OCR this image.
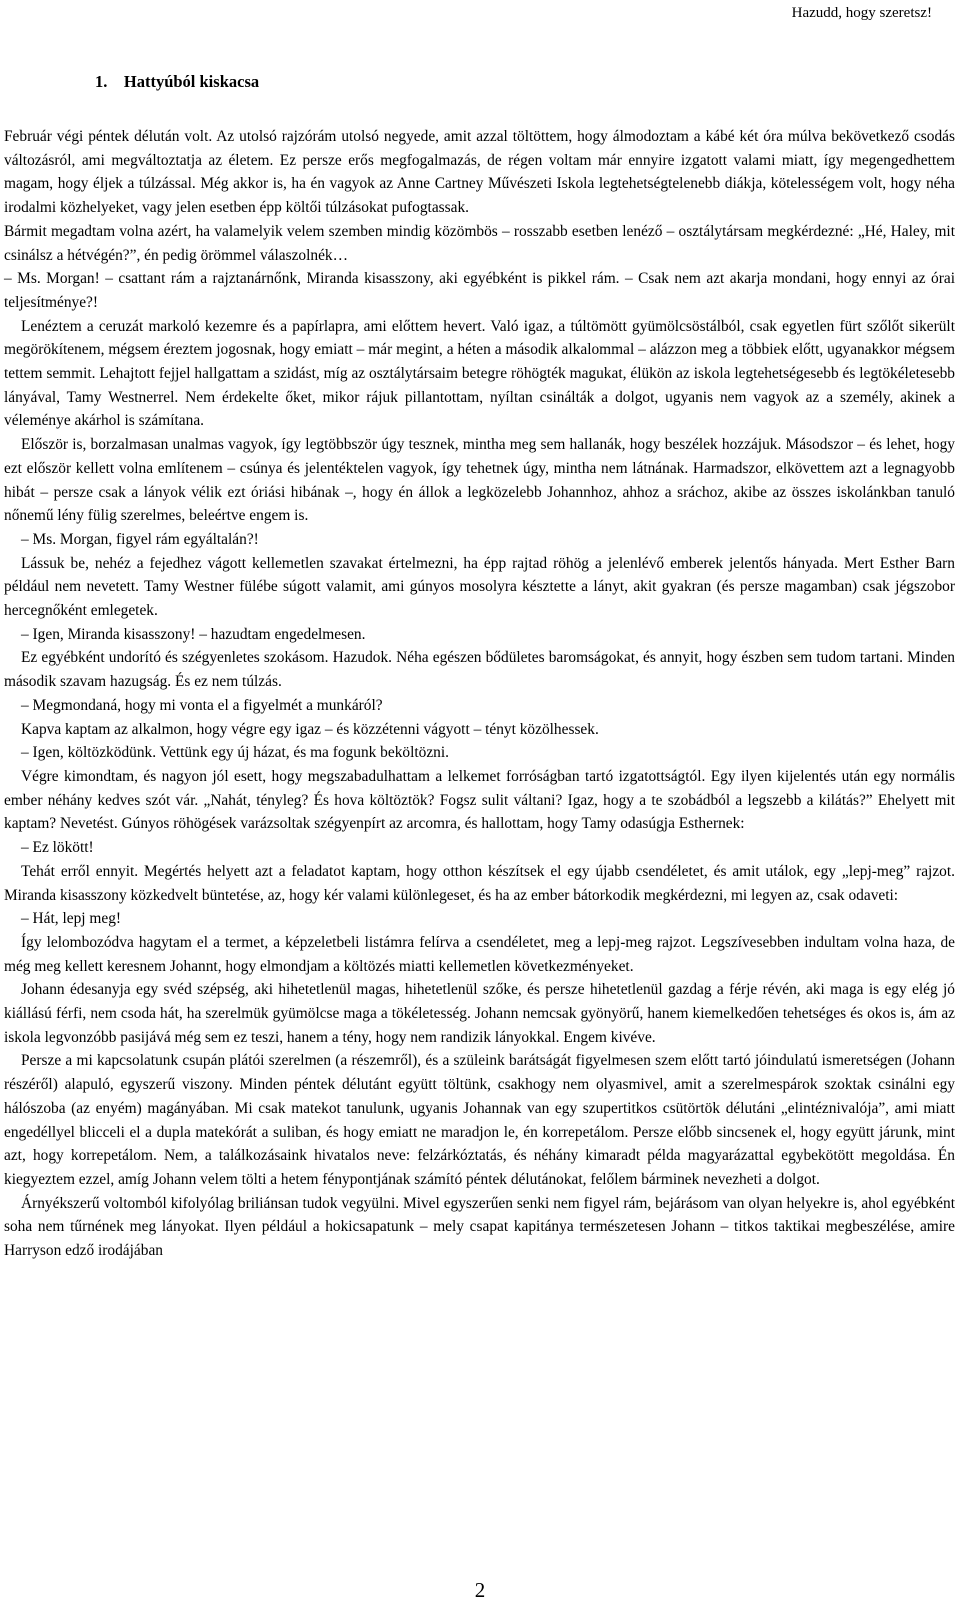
Hazudd, hogy szeretsz!
1. Hattyúból kiskacsa

Február végi péntek délután volt. Az utolsó rajzórám utolsó negyede, amit azzal töltöttem, hogy álmodoztam a kábé két óra múlva bekövetkező csodás változásról, ami megváltoztatja az életem. Ez persze erős megfogalmazás, de régen voltam már ennyire izgatott valami miatt, így megengedhettem magam, hogy éljek a túlzással. Még akkor is, ha én vagyok az Anne Cartney Művészeti Iskola legtehetségtelenebb diákja, kötelességem volt, hogy néha irodalmi közhelyeket, vagy jelen esetben épp költői túlzásokat pufogtassak.

Bármit megadtam volna azért, ha valamelyik velem szemben mindig közömbös – rosszabb esetben lenéző – osztálytársam megkérdezné: „Hé, Haley, mit csinálsz a hétvégén?”, én pedig örömmel válaszolnék…

– Ms. Morgan! – csattant rám a rajztanárnőnk, Miranda kisasszony, aki egyébként is pikkel rám. – Csak nem azt akarja mondani, hogy ennyi az órai teljesítménye?!

Lenéztem a ceruzát markoló kezemre és a papírlapra, ami előttem hevert. Való igaz, a túltömött gyümölcsöstálból, csak egyetlen fürt szőlőt sikerült megörökítenem, mégsem éreztem jogosnak, hogy emiatt – már megint, a héten a második alkalommal – alázzon meg a többiek előtt, ugyanakkor mégsem tettem semmit. Lehajtott fejjel hallgattam a szidást, míg az osztálytársaim betegre röhögték magukat, élükön az iskola legtehetségesebb és legtökéletesebb lányával, Tamy Westnerrel. Nem érdekelte őket, mikor rájuk pillantottam, nyíltan csinálták a dolgot, ugyanis nem vagyok az a személy, akinek a véleménye akárhol is számítana.

Először is, borzalmasan unalmas vagyok, így legtöbbször úgy tesznek, mintha meg sem hallanák, hogy beszélek hozzájuk. Másodszor – és lehet, hogy ezt először kellett volna említenem – csúnya és jelentéktelen vagyok, így tehetnek úgy, mintha nem látnának. Harmadszor, elkövettem azt a legnagyobb hibát – persze csak a lányok vélik ezt óriási hibának –, hogy én állok a legközelebb Johannhoz, ahhoz a sráchoz, akibe az összes iskolánkban tanuló nőnemű lény fülig szerelmes, beleértve engem is.

– Ms. Morgan, figyel rám egyáltalán?!

Lássuk be, nehéz a fejedhez vágott kellemetlen szavakat értelmezni, ha épp rajtad röhög a jelenlévő emberek jelentős hányada. Mert Esther Barn például nem nevetett. Tamy Westner fülébe súgott valamit, ami gúnyos mosolyra késztette a lányt, akit gyakran (és persze magamban) csak jégszobor hercegnőként emlegetek.

– Igen, Miranda kisasszony! – hazudtam engedelmesen.

Ez egyébként undorító és szégyenletes szokásom. Hazudok. Néha egészen bődületes baromságokat, és annyit, hogy észben sem tudom tartani. Minden második szavam hazugság. És ez nem túlzás.

– Megmondaná, hogy mi vonta el a figyelmét a munkáról?

Kapva kaptam az alkalmon, hogy végre egy igaz – és közzétenni vágyott – tényt közölhessek.

– Igen, költözködünk. Vettünk egy új házat, és ma fogunk beköltözni.

Végre kimondtam, és nagyon jól esett, hogy megszabadulhattam a lelkemet forróságban tartó izgatottságtól. Egy ilyen kijelentés után egy normális ember néhány kedves szót vár. „Nahát, tényleg? És hova költöztök? Fogsz sulit váltani? Igaz, hogy a te szobádból a legszebb a kilátás?” Ehelyett mit kaptam? Nevetést. Gúnyos röhögések varázsoltak szégyenpírt az arcomra, és hallottam, hogy Tamy odasúgja Esthernek:

– Ez lökött!

Tehát erről ennyit. Megértés helyett azt a feladatot kaptam, hogy otthon készítsek el egy újabb csendéletet, és amit utálok, egy „lepj-meg” rajzot. Miranda kisasszony közkedvelt büntetése, az, hogy kér valami különlegeset, és ha az ember bátorkodik megkérdezni, mi legyen az, csak odaveti:

– Hát, lepj meg!

Így lelombozódva hagytam el a termet, a képzeletbeli listámra felírva a csendéletet, meg a lepj-meg rajzot. Legszívesebben indultam volna haza, de még meg kellett keresnem Johannt, hogy elmondjam a költözés miatti kellemetlen következményeket.

Johann édesanyja egy svéd szépség, aki hihetetlenül magas, hihetetlenül szőke, és persze hihetetlenül gazdag a férje révén, aki maga is egy elég jó kiállású férfi, nem csoda hát, ha szerelmük gyümölcse maga a tökéletesség. Johann nemcsak gyönyörű, hanem kiemelkedően tehetséges és okos is, ám az iskola legvonzóbb pasijává még sem ez teszi, hanem a tény, hogy nem randizik lányokkal. Engem kivéve.

Persze a mi kapcsolatunk csupán plátói szerelmen (a részemről), és a szüleink barátságát figyelmesen szem előtt tartó jóindulatú ismeretségen (Johann részéről) alapuló, egyszerű viszony. Minden péntek délutánt együtt töltünk, csakhogy nem olyasmivel, amit a szerelmespárok szoktak csinálni egy hálószoba (az enyém) magányában. Mi csak matekot tanulunk, ugyanis Johannak van egy szupertitkos csütörtök délutáni „elintéznivalója”, ami miatt engedéllyel blicceli el a dupla matekórát a suliban, és hogy emiatt ne maradjon le, én korrepetálom. Persze előbb sincsenek el, hogy együtt járunk, mint azt, hogy korrepetálom. Nem, a találkozásaink hivatalos neve: felzárkóztatás, és néhány kimaradt példa magyarázattal egybekötött megoldása. Én kiegyeztem ezzel, amíg Johann velem tölti a hetem fénypontjának számító péntek délutánokat, felőlem bárminek nevezheti a dolgot.

Árnyékszerű voltomból kifolyólag briliánsan tudok vegyülni. Mivel egyszerűen senki nem figyel rám, bejárásom van olyan helyekre is, ahol egyébként soha nem tűrnének meg lányokat. Ilyen például a hokicsapatunk – mely csapat kapitánya természetesen Johann – titkos taktikai megbeszélése, amire Harryson edző irodájában

2
